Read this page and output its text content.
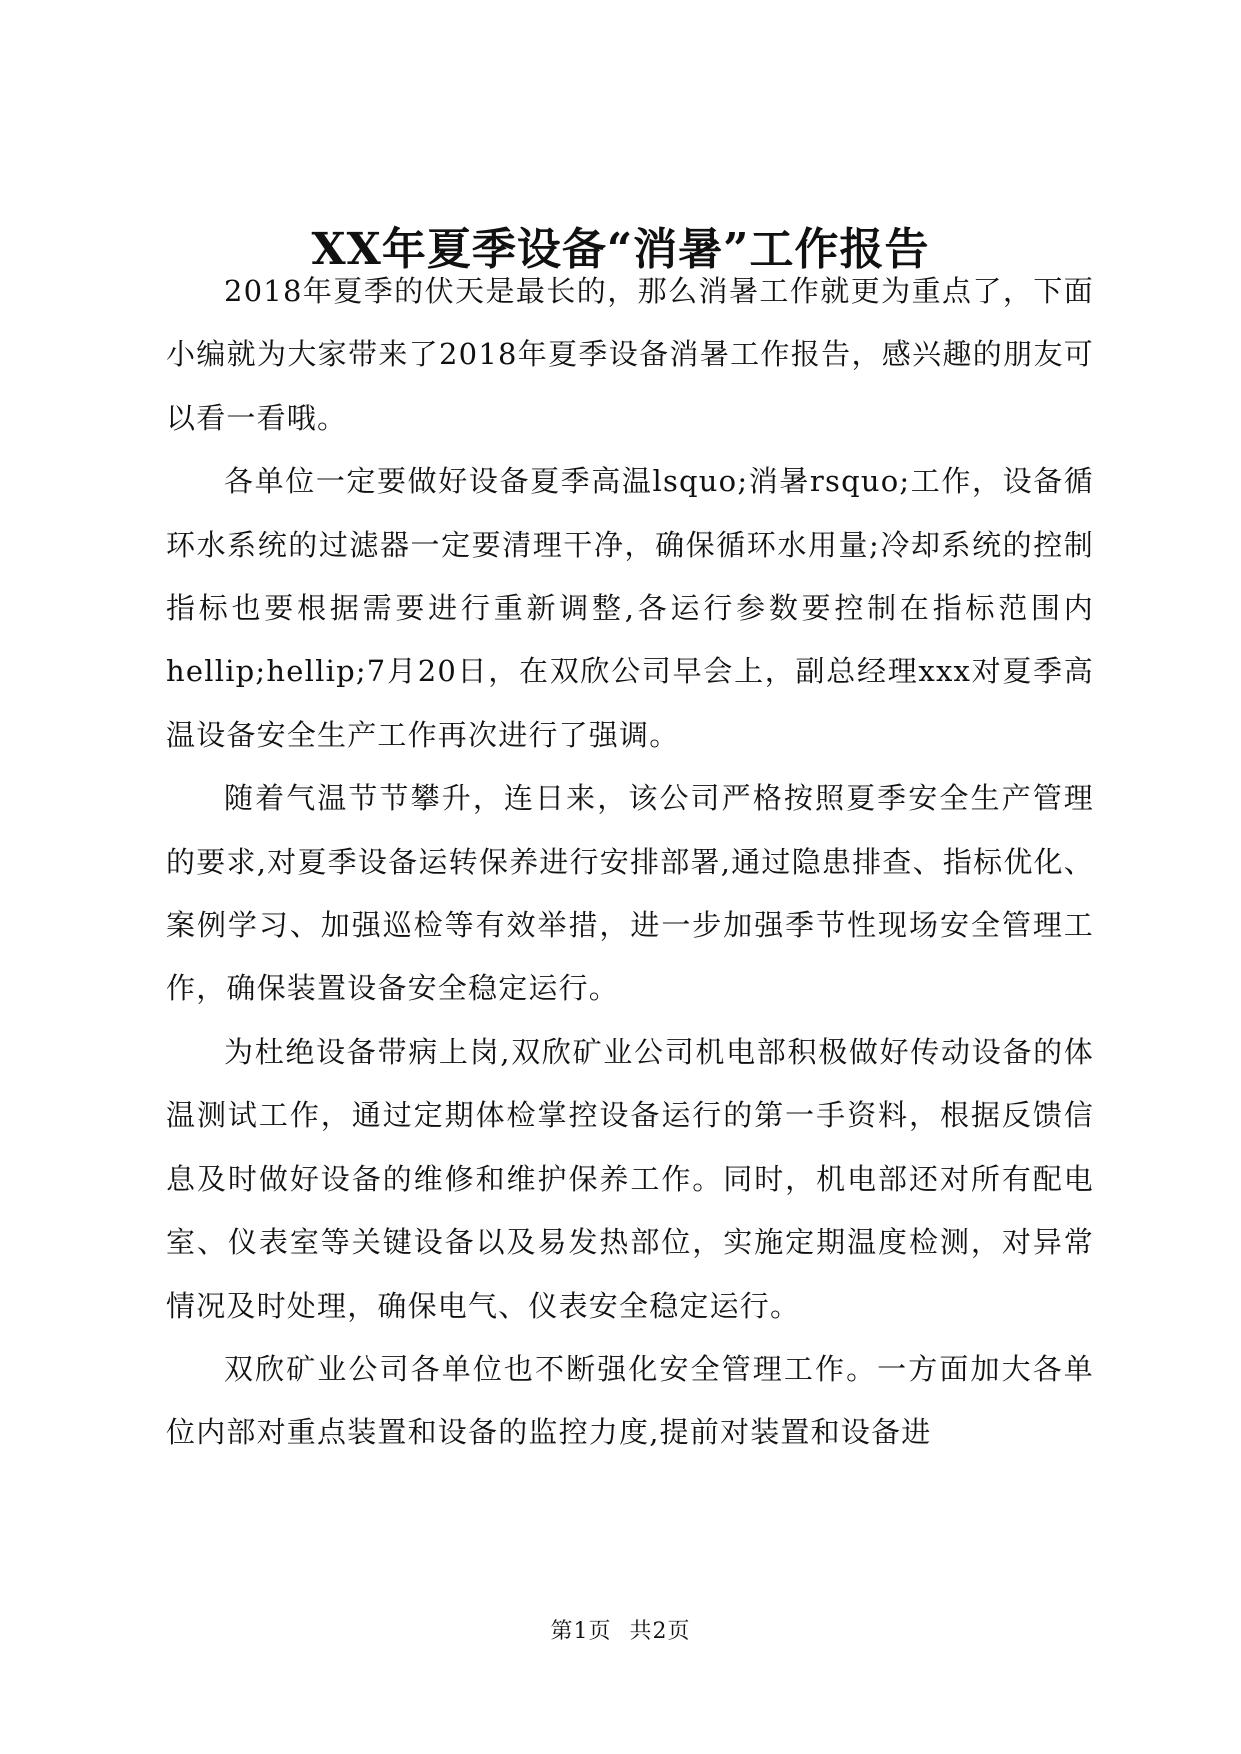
XX年夏季设备“消暑”工作报告

2018年夏季的伏天是最长的，那么消暑工作就更为重点了，下面小编就为大家带来了2018年夏季设备消暑工作报告，感兴趣的朋友可以看一看哦。

各单位一定要做好设备夏季高温lsquo;消暑rsquo;工作，设备循环水系统的过滤器一定要清理干净，确保循环水用量;冷却系统的控制指标也要根据需要进行重新调整,各运行参数要控制在指标范围内hellip;hellip;7月20日，在双欣公司早会上，副总经理xxx对夏季高温设备安全生产工作再次进行了强调。

随着气温节节攀升，连日来，该公司严格按照夏季安全生产管理的要求,对夏季设备运转保养进行安排部署,通过隐患排查、指标优化、案例学习、加强巡检等有效举措，进一步加强季节性现场安全管理工作，确保装置设备安全稳定运行。

为杜绝设备带病上岗,双欣矿业公司机电部积极做好传动设备的体温测试工作，通过定期体检掌控设备运行的第一手资料，根据反馈信息及时做好设备的维修和维护保养工作。同时，机电部还对所有配电室、仪表室等关键设备以及易发热部位，实施定期温度检测，对异常情况及时处理，确保电气、仪表安全稳定运行。

双欣矿业公司各单位也不断强化安全管理工作。一方面加大各单位内部对重点装置和设备的监控力度,提前对装置和设备进

第1页 共2页
